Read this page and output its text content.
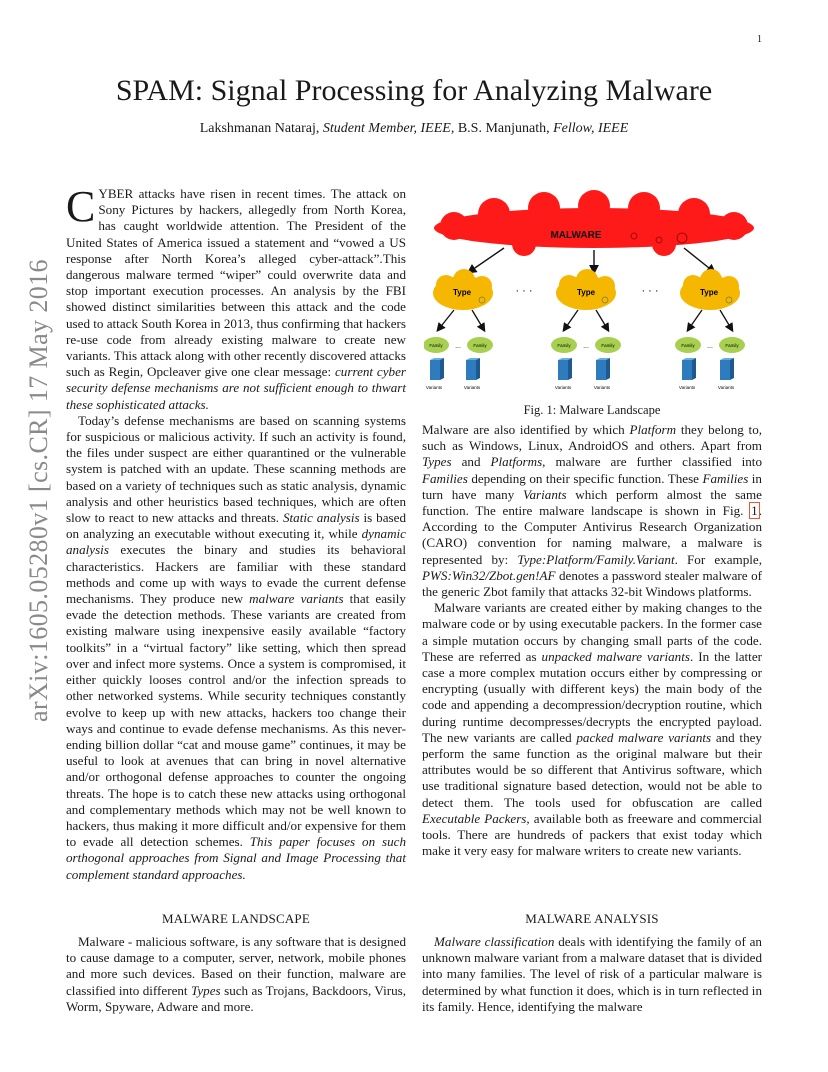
1
arXiv:1605.05280v1 [cs.CR] 17 May 2016
SPAM: Signal Processing for Analyzing Malware
Lakshmanan Nataraj, Student Member, IEEE, B.S. Manjunath, Fellow, IEEE

CYBER attacks have risen in recent times. The attack on Sony Pictures by hackers, allegedly from North Korea, has caught worldwide attention. The President of the United States of America issued a statement and “vowed a US response after North Korea’s alleged cyber-attack”.This dangerous malware termed “wiper” could overwrite data and stop important execution processes. An analysis by the FBI showed distinct similarities between this attack and the code used to attack South Korea in 2013, thus confirming that hackers re-use code from already existing malware to create new variants. This attack along with other recently discovered attacks such as Regin, Opcleaver give one clear message: current cyber security defense mechanisms are not sufficient enough to thwart these sophisticated attacks.

Today’s defense mechanisms are based on scanning systems for suspicious or malicious activity. If such an activity is found, the files under suspect are either quarantined or the vulnerable system is patched with an update. These scanning methods are based on a variety of techniques such as static analysis, dynamic analysis and other heuristics based techniques, which are often slow to react to new attacks and threats. Static analysis is based on analyzing an executable without executing it, while dynamic analysis executes the binary and studies its behavioral characteristics. Hackers are familiar with these standard methods and come up with ways to evade the current defense mechanisms. They produce new malware variants that easily evade the detection methods. These variants are created from existing malware using inexpensive easily available “factory toolkits” in a “virtual factory” like setting, which then spread over and infect more systems. Once a system is compromised, it either quickly looses control and/or the infection spreads to other networked systems. While security techniques constantly evolve to keep up with new attacks, hackers too change their ways and continue to evade defense mechanisms. As this never-ending billion dollar “cat and mouse game” continues, it may be useful to look at avenues that can bring in novel alternative and/or orthogonal defense approaches to counter the ongoing threats. The hope is to catch these new attacks using orthogonal and complementary methods which may not be well known to hackers, thus making it more difficult and/or expensive for them to evade all detection schemes. This paper focuses on such orthogonal approaches from Signal and Image Processing that complement standard approaches.

MALWARE LANDSCAPE

Malware - malicious software, is any software that is designed to cause damage to a computer, server, network, mobile phones and more such devices. Based on their function, malware are classified into different Types such as Trojans, Backdoors, Virus, Worm, Spyware, Adware and more.

MALWARE
Type	Type	Type
· · ·	· · ·
Family	Family	Family	Family	Family	Family
...	...	...
Variants	Variants	Variants	Variants	Variants	Variants
Fig. 1: Malware Landscape

Malware are also identified by which Platform they belong to, such as Windows, Linux, AndroidOS and others. Apart from Types and Platforms, malware are further classified into Families depending on their specific function. These Families in turn have many Variants which perform almost the same function. The entire malware landscape is shown in Fig. 1. According to the Computer Antivirus Research Organization (CARO) convention for naming malware, a malware is represented by: Type:Platform/Family.Variant. For example, PWS:Win32/Zbot.gen!AF denotes a password stealer malware of the generic Zbot family that attacks 32-bit Windows platforms.

Malware variants are created either by making changes to the malware code or by using executable packers. In the former case a simple mutation occurs by changing small parts of the code. These are referred as unpacked malware variants. In the latter case a more complex mutation occurs either by compressing or encrypting (usually with different keys) the main body of the code and appending a decompression/decryption routine, which during runtime decompresses/decrypts the encrypted payload. The new variants are called packed malware variants and they perform the same function as the original malware but their attributes would be so different that Antivirus software, which use traditional signature based detection, would not be able to detect them. The tools used for obfuscation are called Executable Packers, available both as freeware and commercial tools. There are hundreds of packers that exist today which make it very easy for malware writers to create new variants.

MALWARE ANALYSIS

Malware classification deals with identifying the family of an unknown malware variant from a malware dataset that is divided into many families. The level of risk of a particular malware is determined by what function it does, which is in turn reflected in its family. Hence, identifying the malware
